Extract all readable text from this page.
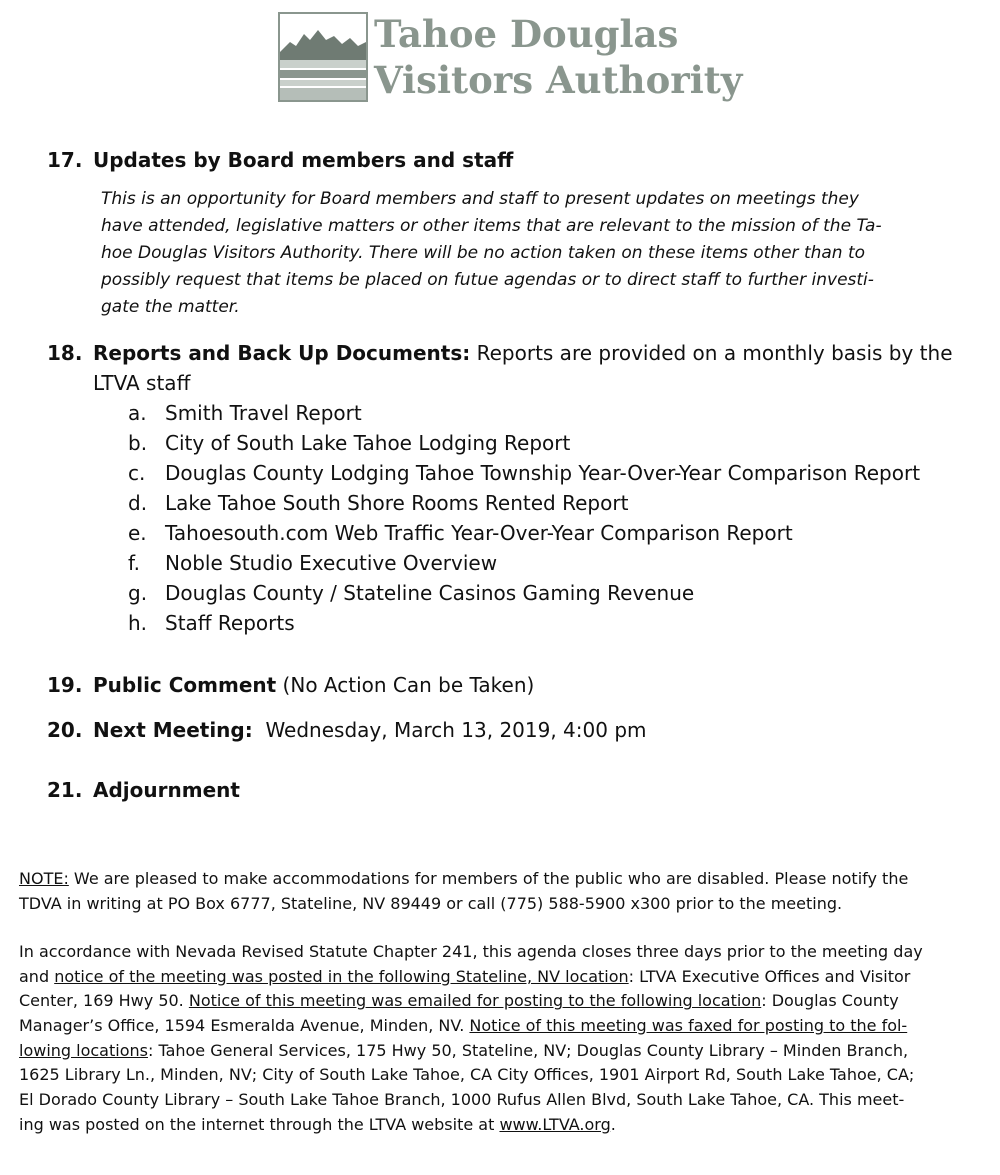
Tahoe Douglas
Visitors Authority
17. Updates by Board members and staff
This is an opportunity for Board members and staff to present updates on meetings they
have attended, legislative matters or other items that are relevant to the mission of the Ta-
hoe Douglas Visitors Authority. There will be no action taken on these items other than to
possibly request that items be placed on futue agendas or to direct staff to further investi-
gate the matter.
18. Reports and Back Up Documents: Reports are provided on a monthly basis by the
LTVA staff
a. Smith Travel Report
b. City of South Lake Tahoe Lodging Report
c. Douglas County Lodging Tahoe Township Year-Over-Year Comparison Report
d. Lake Tahoe South Shore Rooms Rented Report
e. Tahoesouth.com Web Traffic Year-Over-Year Comparison Report
f. Noble Studio Executive Overview
g. Douglas County / Stateline Casinos Gaming Revenue
h. Staff Reports
19. Public Comment (No Action Can be Taken)
20. Next Meeting:  Wednesday, March 13, 2019, 4:00 pm
21. Adjournment
NOTE: We are pleased to make accommodations for members of the public who are disabled. Please notify the
TDVA in writing at PO Box 6777, Stateline, NV 89449 or call (775) 588-5900 x300 prior to the meeting.
In accordance with Nevada Revised Statute Chapter 241, this agenda closes three days prior to the meeting day
and notice of the meeting was posted in the following Stateline, NV location: LTVA Executive Offices and Visitor
Center, 169 Hwy 50. Notice of this meeting was emailed for posting to the following location: Douglas County
Manager’s Office, 1594 Esmeralda Avenue, Minden, NV. Notice of this meeting was faxed for posting to the fol-
lowing locations: Tahoe General Services, 175 Hwy 50, Stateline, NV; Douglas County Library – Minden Branch,
1625 Library Ln., Minden, NV; City of South Lake Tahoe, CA City Offices, 1901 Airport Rd, South Lake Tahoe, CA;
El Dorado County Library – South Lake Tahoe Branch, 1000 Rufus Allen Blvd, South Lake Tahoe, CA. This meet-
ing was posted on the internet through the LTVA website at www.LTVA.org.
